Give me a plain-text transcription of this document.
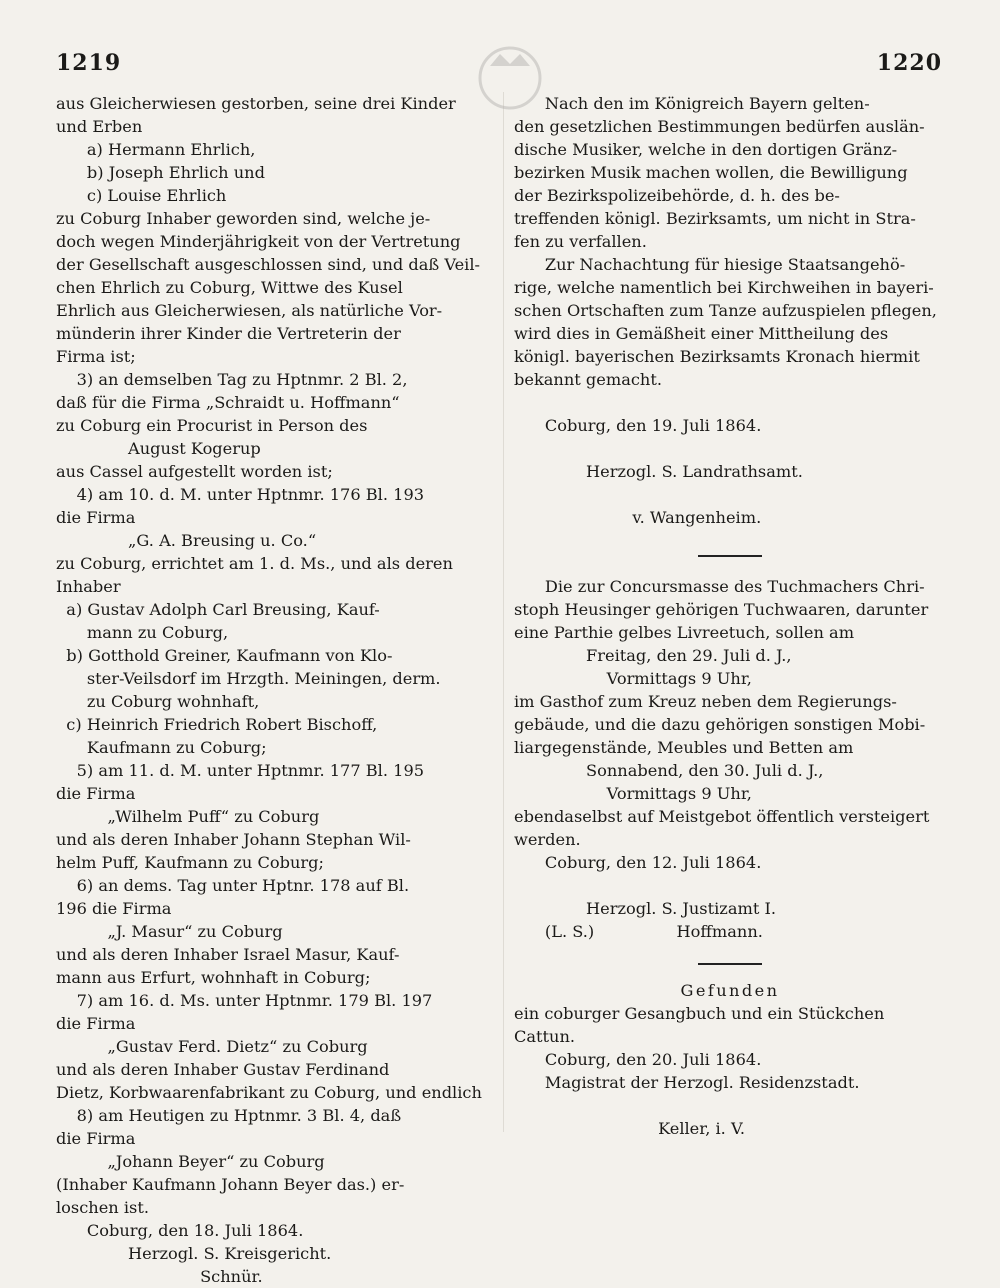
1219	1220

aus Gleicherwiesen gestorben, seine drei Kinder

und Erben

a) Hermann Ehrlich,

b) Joseph Ehrlich und

c) Louise Ehrlich

zu Coburg Inhaber geworden sind, welche je-

doch wegen Minderjährigkeit von der Vertretung

der Gesellschaft ausgeschlossen sind, und daß Veil-

chen Ehrlich zu Coburg, Wittwe des Kusel

Ehrlich aus Gleicherwiesen, als natürliche Vor-

münderin ihrer Kinder die Vertreterin der

Firma ist;

3) an demselben Tag zu Hptnmr. 2 Bl. 2,

daß für die Firma „Schraidt u. Hoffmann“

zu Coburg ein Procurist in Person des

August Kogerup

aus Cassel aufgestellt worden ist;

4) am 10. d. M. unter Hptnmr. 176 Bl. 193

die Firma

„G. A. Breusing u. Co.“

zu Coburg, errichtet am 1. d. Ms., und als deren

Inhaber

a) Gustav Adolph Carl Breusing, Kauf-

mann zu Coburg,

b) Gotthold Greiner, Kaufmann von Klo-

ster-Veilsdorf im Hrzgth. Meiningen, derm.

zu Coburg wohnhaft,

c) Heinrich Friedrich Robert Bischoff,

Kaufmann zu Coburg;

5) am 11. d. M. unter Hptnmr. 177 Bl. 195

die Firma

„Wilhelm Puff“ zu Coburg

und als deren Inhaber Johann Stephan Wil-

helm Puff, Kaufmann zu Coburg;

6) an dems. Tag unter Hptnr. 178 auf Bl.

196 die Firma

„J. Masur“ zu Coburg

und als deren Inhaber Israel Masur, Kauf-

mann aus Erfurt, wohnhaft in Coburg;

7) am 16. d. Ms. unter Hptnmr. 179 Bl. 197

die Firma

„Gustav Ferd. Dietz“ zu Coburg

und als deren Inhaber Gustav Ferdinand

Dietz, Korbwaarenfabrikant zu Coburg, und endlich

8) am Heutigen zu Hptnmr. 3 Bl. 4, daß

die Firma

„Johann Beyer“ zu Coburg

(Inhaber Kaufmann Johann Beyer das.) er-

loschen ist.

Coburg, den 18. Juli 1864.

Herzogl. S. Kreisgericht.

Schnür.

Nach den im Königreich Bayern gelten-

den gesetzlichen Bestimmungen bedürfen auslän-

dische Musiker, welche in den dortigen Gränz-

bezirken Musik machen wollen, die Bewilligung

der Bezirkspolizeibehörde, d. h. des be-

treffenden königl. Bezirksamts, um nicht in Stra-

fen zu verfallen.

Zur Nachachtung für hiesige Staatsangehö-

rige, welche namentlich bei Kirchweihen in bayeri-

schen Ortschaften zum Tanze aufzuspielen pflegen,

wird dies in Gemäßheit einer Mittheilung des

königl. bayerischen Bezirksamts Kronach hiermit

bekannt gemacht.

Coburg, den 19. Juli 1864.

Herzogl. S. Landrathsamt.

v. Wangenheim.

Die zur Concursmasse des Tuchmachers Chri-

stoph Heusinger gehörigen Tuchwaaren, darunter

eine Parthie gelbes Livreetuch, sollen am

Freitag, den 29. Juli d. J.,

Vormittags 9 Uhr,

im Gasthof zum Kreuz neben dem Regierungs-

gebäude, und die dazu gehörigen sonstigen Mobi-

liargegenstände, Meubles und Betten am

Sonnabend, den 30. Juli d. J.,

Vormittags 9 Uhr,

ebendaselbst auf Meistgebot öffentlich versteigert

werden.

Coburg, den 12. Juli 1864.

Herzogl. S. Justizamt I.

(L. S.)                Hoffmann.

Gefunden

ein coburger Gesangbuch und ein Stückchen Cattun.

Coburg, den 20. Juli 1864.

Magistrat der Herzogl. Residenzstadt.

Keller, i. V.
